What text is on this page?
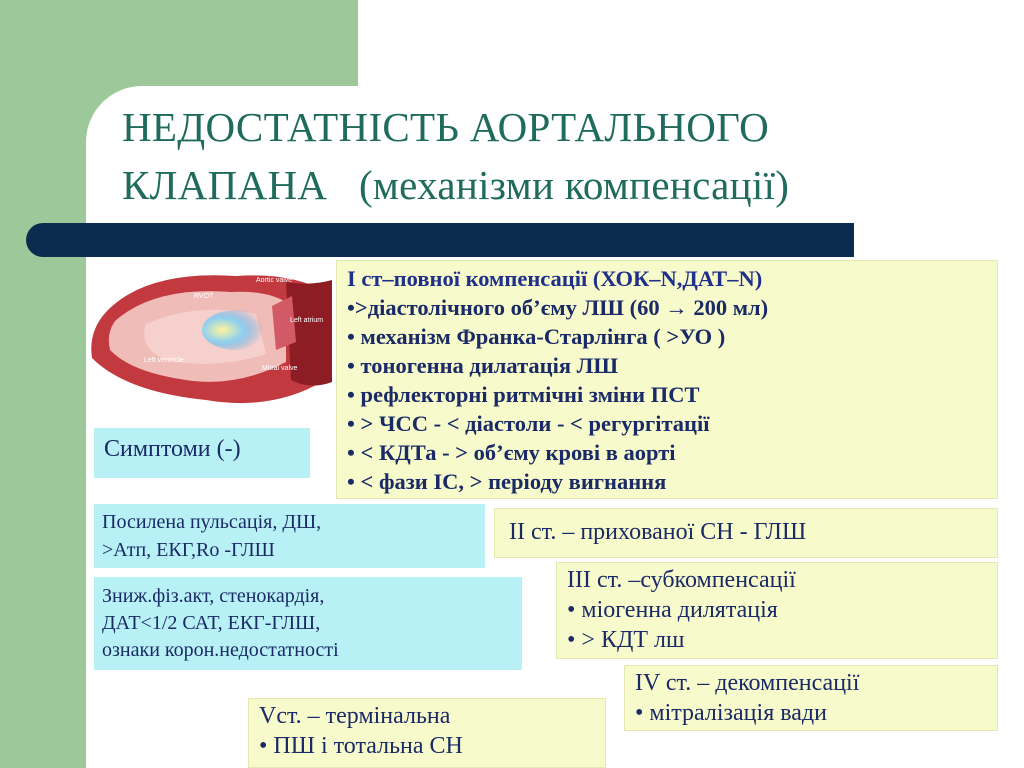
НЕДОСТАТНІСТЬ АОРТАЛЬНОГО
КЛАПАНА   (механізми компенсації)
RVOT
Aortic valve
Left atrium
Left ventricle
Mitral valve
І ст–повної компенсації (ХОК–N,ДАТ–N)
•>діастолічного об’єму ЛШ (60 → 200 мл)
• механізм Франка-Старлінга ( >УО )
• тоногенна дилатація ЛШ
• рефлекторні ритмічні зміни ПСТ
• > ЧСС - < діастоли - < регургітації
• < КДТа - > об’єму крові в аорті
• < фази ІС, > періоду вигнання
Симптоми (-)
Посилена пульсація, ДШ,
>Атп, ЕКГ,Ro -ГЛШ
Зниж.фіз.акт, стенокардія,
ДАТ<1/2 САТ, ЕКГ-ГЛШ,
ознаки корон.недостатності
ІІ ст. – прихованої СН - ГЛШ
ІІІ ст. –субкомпенсації
• міогенна дилятація
• > КДТ лш
IV ст. – декомпенсації
• мітралізація вади
Vст. – термінальна
• ПШ і тотальна СН
